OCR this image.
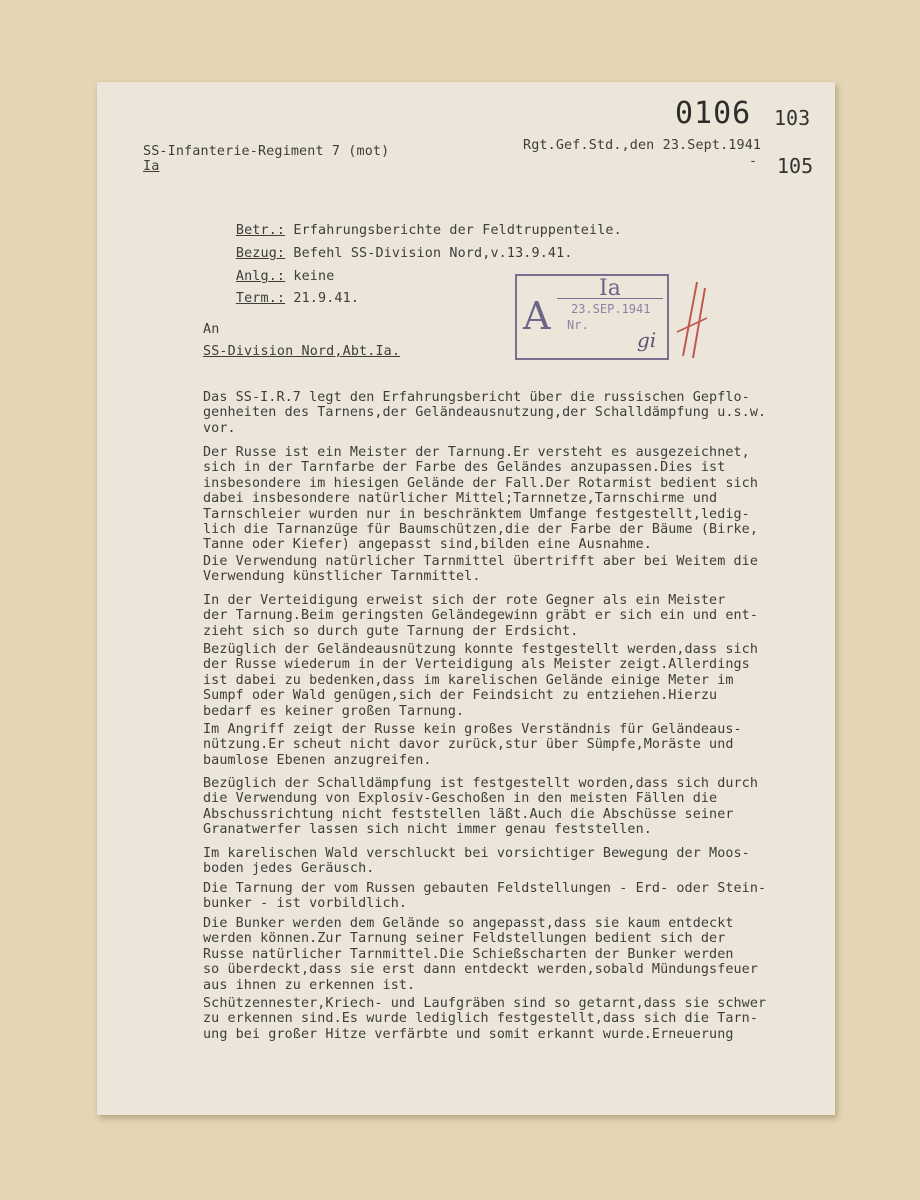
0106 103
- 105
SS-Infanterie-Regiment 7 (mot)
Ia
Rgt.Gef.Std.,den 23.Sept.1941

Betr.: Erfahrungsberichte der Feldtruppenteile.

Bezug: Befehl SS-Division Nord,v.13.9.41.

Anlg.: keine

Term.: 21.9.41.
	A
Ia
23.SEP.1941
Nr.
gi
An
SS-Division Nord,Abt.Ia.
Das SS-I.R.7 legt den Erfahrungsbericht über die russischen Gepflo-
genheiten des Tarnens,der Geländeausnutzung,der Schalldämpfung u.s.w.
vor.
Der Russe ist ein Meister der Tarnung.Er versteht es ausgezeichnet,
sich in der Tarnfarbe der Farbe des Geländes anzupassen.Dies ist
insbesondere im hiesigen Gelände der Fall.Der Rotarmist bedient sich
dabei insbesondere natürlicher Mittel;Tarnnetze,Tarnschirme und
Tarnschleier wurden nur in beschränktem Umfange festgestellt,ledig-
lich die Tarnanzüge für Baumschützen,die der Farbe der Bäume (Birke,
Tanne oder Kiefer) angepasst sind,bilden eine Ausnahme.
Die Verwendung natürlicher Tarnmittel übertrifft aber bei Weitem die
Verwendung künstlicher Tarnmittel.
In der Verteidigung erweist sich der rote Gegner als ein Meister
der Tarnung.Beim geringsten Geländegewinn gräbt er sich ein und ent-
zieht sich so durch gute Tarnung der Erdsicht.
Bezüglich der Geländeausnützung konnte festgestellt werden,dass sich
der Russe wiederum in der Verteidigung als Meister zeigt.Allerdings
ist dabei zu bedenken,dass im karelischen Gelände einige Meter im
Sumpf oder Wald genügen,sich der Feindsicht zu entziehen.Hierzu
bedarf es keiner großen Tarnung.
Im Angriff zeigt der Russe kein großes Verständnis für Geländeaus-
nützung.Er scheut nicht davor zurück,stur über Sümpfe,Moräste und
baumlose Ebenen anzugreifen.
Bezüglich der Schalldämpfung ist festgestellt worden,dass sich durch
die Verwendung von Explosiv-Geschoßen in den meisten Fällen die
Abschussrichtung nicht feststellen läßt.Auch die Abschüsse seiner
Granatwerfer lassen sich nicht immer genau feststellen.
Im karelischen Wald verschluckt bei vorsichtiger Bewegung der Moos-
boden jedes Geräusch.
Die Tarnung der vom Russen gebauten Feldstellungen - Erd- oder Stein-
bunker - ist vorbildlich.
Die Bunker werden dem Gelände so angepasst,dass sie kaum entdeckt
werden können.Zur Tarnung seiner Feldstellungen bedient sich der
Russe natürlicher Tarnmittel.Die Schießscharten der Bunker werden
so überdeckt,dass sie erst dann entdeckt werden,sobald Mündungsfeuer
aus ihnen zu erkennen ist.
Schützennester,Kriech- und Laufgräben sind so getarnt,dass sie schwer
zu erkennen sind.Es wurde lediglich festgestellt,dass sich die Tarn-
ung bei großer Hitze verfärbte und somit erkannt wurde.Erneuerung
